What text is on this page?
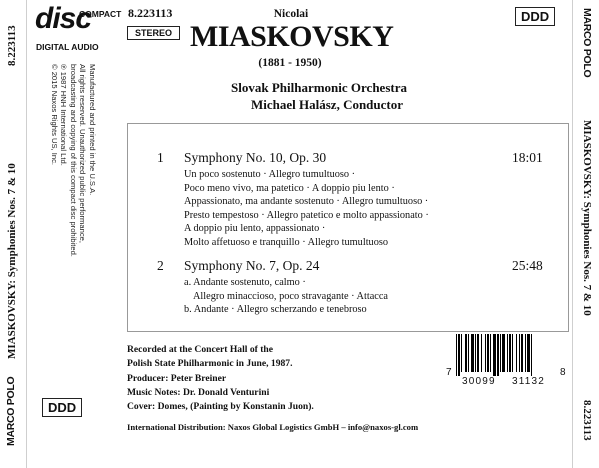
8.223113
MIASKOVSKY: Symphonies Nos. 7 & 10
MARCO POLO
MARCO POLO
MIASKOVSKY: Symphonies Nos. 7 & 10
8.223113
Manufactured and printed in the U.S.A.
All rights reserved. Unauthorized public performance,
broadcasting and copying of this compact disc prohibited.
℗ 1987 HNH International Ltd.
© 2015 Naxos Rights US, Inc.
disc
COMPACT
DIGITAL AUDIO
8.223113
STEREO
DDD
Nicolai
MIASKOVSKY
(1881 - 1950)
Slovak Philharmonic Orchestra
Michael Halász, Conductor
1 Symphony No. 10, Op. 30	18:01
Un poco sostenuto · Allegro tumultuoso ·
Poco meno vivo, ma patetico · A doppio piu lento ·
Appassionato, ma andante sostenuto · Allegro tumultuoso ·
Presto tempestoso · Allegro patetico e molto appassionato ·
A doppio piu lento, appassionato ·
Molto affetuoso e tranquillo · Allegro tumultuoso
2 Symphony No. 7, Op. 24	25:48
a. Andante sostenuto, calmo ·
Allegro minaccioso, poco stravagante · Attacca
b. Andante · Allegro scherzando e tenebroso
Recorded at the Concert Hall of the
Polish State Philharmonic in June, 1987.
Producer: Peter Breiner
Music Notes: Dr. Donald Venturini
Cover: Domes, (Painting by Konstanin Juon).
7
30099 31132
8
DDD
International Distribution: Naxos Global Logistics GmbH – info@naxos-gl.com
